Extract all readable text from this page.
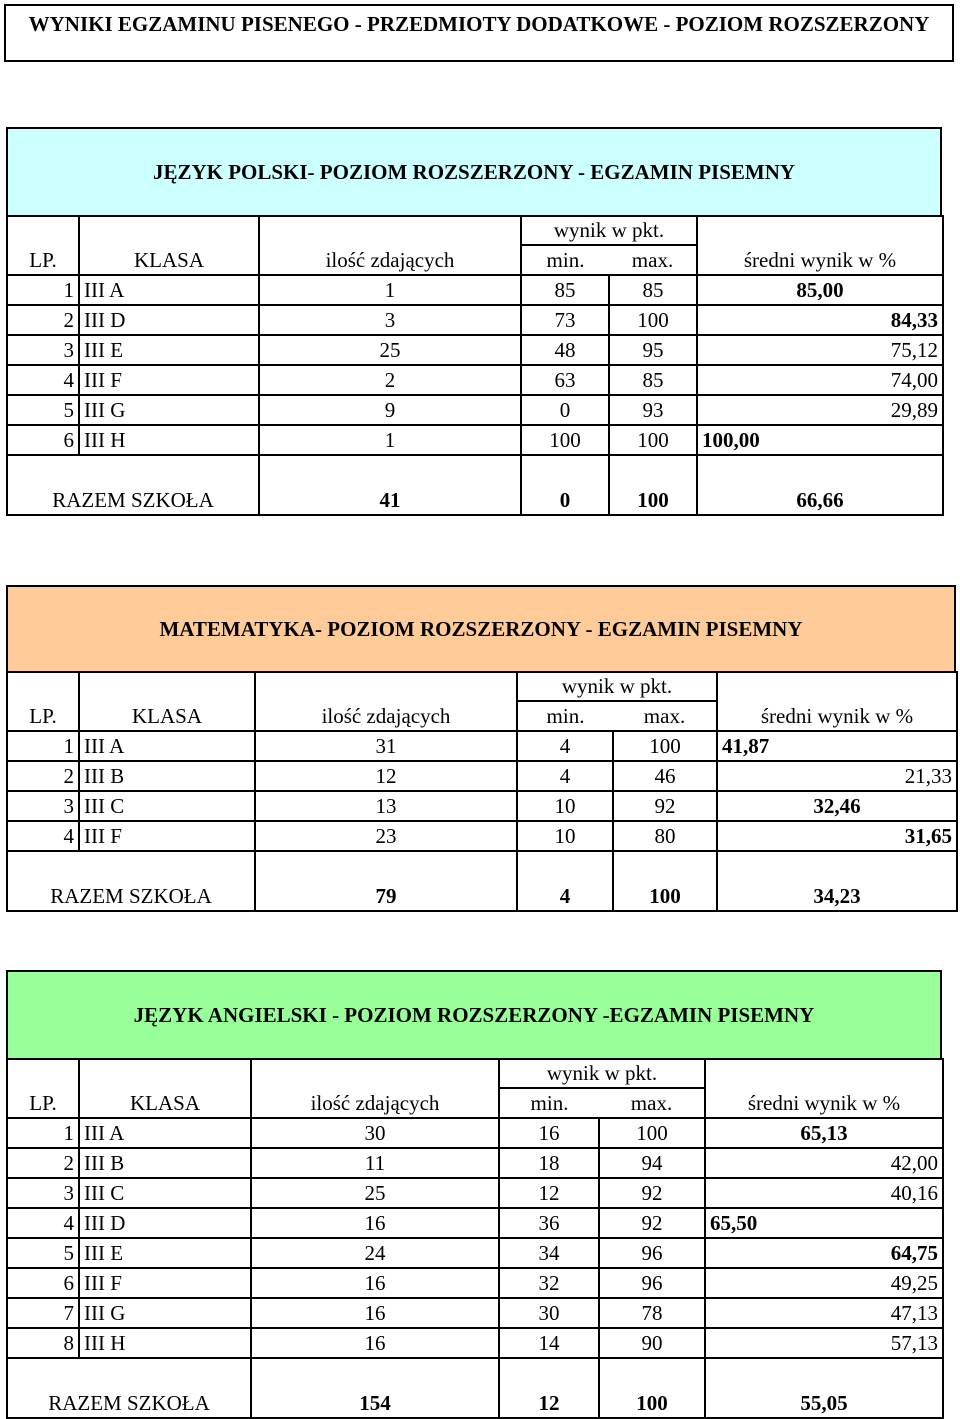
WYNIKI EGZAMINU PISENEGO - PRZEDMIOTY DODATKOWE - POZIOM ROZSZERZONY
JĘZYK POLSKI- POZIOM ROZSZERZONY - EGZAMIN PISEMNY
			wynik w pkt.		
LP.	KLASA	ilość zdających	min.	max.	średni wynik w %
1	III A	1	85	85	85,00
2	III D	3	73	100	84,33
3	III E	25	48	95	75,12
4	III F	2	63	85	74,00
5	III G	9	0	93	29,89
6	III H	1	100	100	100,00
RAZEM SZKOŁA		41	0	100	66,66
MATEMATYKA- POZIOM ROZSZERZONY - EGZAMIN PISEMNY
			wynik w pkt.		
LP.	KLASA	ilość zdających	min.	max.	średni wynik w %
1	III A	31	4	100	41,87
2	III B	12	4	46	21,33
3	III C	13	10	92	32,46
4	III F	23	10	80	31,65
RAZEM SZKOŁA		79	4	100	34,23
JĘZYK ANGIELSKI - POZIOM ROZSZERZONY -EGZAMIN PISEMNY
			wynik w pkt.		
LP.	KLASA	ilość zdających	min.	max.	średni wynik w %
1	III A	30	16	100	65,13
2	III B	11	18	94	42,00
3	III C	25	12	92	40,16
4	III D	16	36	92	65,50
5	III E	24	34	96	64,75
6	III F	16	32	96	49,25
7	III G	16	30	78	47,13
8	III H	16	14	90	57,13
RAZEM SZKOŁA		154	12	100	55,05
